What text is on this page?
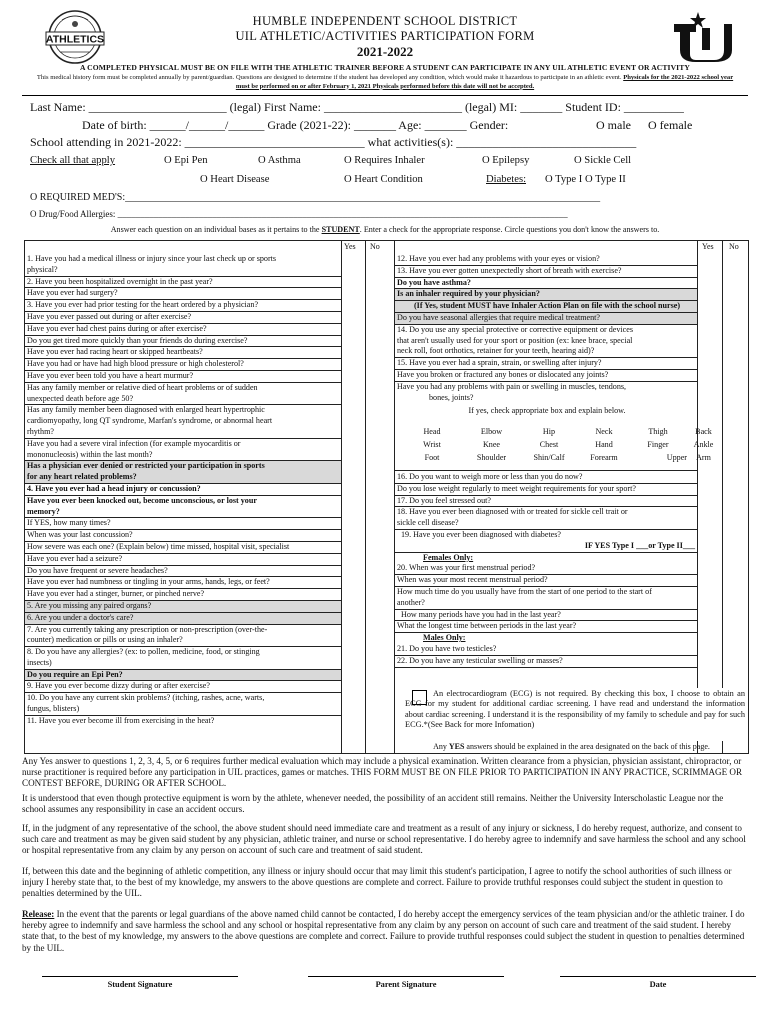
ATHLETICS
HUMBLE INDEPENDENT SCHOOL DISTRICT
UIL ATHLETIC/ACTIVITIES PARTICIPATION FORM
2021-2022
A COMPLETED PHYSICAL MUST BE ON FILE WITH THE ATHLETIC TRAINER BEFORE A STUDENT CAN PARTICIPATE IN ANY UIL ATHLETIC EVENT OR ACTIVITY
This medical history form must be completed annually by parent/guardian. Questions are designed to determine if the student has developed any condition, which would make it hazardous to participate in an athletic event. Physicals for the 2021-2022 school year must be performed on or after February 1, 2021 Physicals performed before this date will not be accepted.
Last Name: _______________________ (legal) First Name: _______________________ (legal) MI: _______ Student ID: __________
Date of birth: ______/______/______ Grade (2021-22): _______ Age: _______ Gender:	O male O female
School attending in 2021-2022: ______________________________ what activities(s): ______________________________
Check all that apply	O Epi Pen	O Asthma	O Requires Inhaler	O Epilepsy	O Sickle Cell
O Heart Disease	O Heart Condition	Diabetes: O Type I O Type II
O REQUIRED MED'S:_______________________________________________________________________________________________
O Drug/Food Allergies: ____________________________________________________________________________________________________
Answer each question on an individual bases as it pertains to the STUDENT. Enter a check for the appropriate response. Circle questions you don't know the answers to.
Yes No	Yes No
1. Have you had a medical illness or injury since your last check up or sports
physical?
2. Have you been hospitalized overnight in the past year?
Have you ever had surgery?
3. Have you ever had prior testing for the heart ordered by a physician?
Have you ever passed out during or after exercise?
Have you ever had chest pains during or after exercise?
Do you get tired more quickly than your friends do during exercise?
Have you ever had racing heart or skipped heartbeats?
Have you had or have had high blood pressure or high cholesterol?
Have you ever been told you have a heart murmur?
Has any family member or relative died of heart problems or of sudden
unexpected death before age 50?
Has any family member been diagnosed with enlarged heart hypertrophic
cardiomyopathy, long QT syndrome, Marfan's syndrome, or abnormal heart
rhythm?
Have you had a severe viral infection (for example myocarditis or
mononucleosis) within the last month?
Has a physician ever denied or restricted your participation in sports
for any heart related problems?
4. Have you ever had a head injury or concussion?
Have you ever been knocked out, become unconscious, or lost your
memory?
If YES, how many times?
When was your last concussion?
How severe was each one? (Explain below) time missed, hospital visit, specialist
Have you ever had a seizure?
Do you have frequent or severe headaches?
Have you ever had numbness or tingling in your arms, hands, legs, or feet?
Have you ever had a stinger, burner, or pinched nerve?
5. Are you missing any paired organs?
6. Are you under a doctor's care?
7. Are you currently taking any prescription or non-prescription (over-the-
counter) medication or pills or using an inhaler?
8. Do you have any allergies? (ex: to pollen, medicine, food, or stinging
insects)
Do you require an Epi Pen?
9. Have you ever become dizzy during or after exercise?
10. Do you have any current skin problems? (itching, rashes, acne, warts,
fungus, blisters)
11. Have you ever become ill from exercising in the heat?
12. Have you ever had any problems with your eyes or vision?
13. Have you ever gotten unexpectedly short of breath with exercise?
Do you have asthma?
Is an inhaler required by your physician?
(If Yes, student MUST have Inhaler Action Plan on file with the school nurse)
Do you have seasonal allergies that require medical treatment?
14. Do you use any special protective or corrective equipment or devices
that aren't usually used for your sport or position (ex: knee brace, special
neck roll, foot orthotics, retainer for your teeth, hearing aid)?
15. Have you ever had a sprain, strain, or swelling after injury?
Have you broken or fractured any bones or dislocated any joints?
Have you had any problems with pain or swelling in muscles, tendons,
bones, joints?
If yes, check appropriate box and explain below.
Head	Elbow	Hip	Neck	Thigh	Back
Wrist	Knee	Chest	Hand	Finger	Ankle
Foot	Shoulder	Shin/Calf	Forearm	Upper	Arm
16. Do you want to weigh more or less than you do now?
Do you lose weight regularly to meet weight requirements for your sport?
17. Do you feel stressed out?
18. Have you ever been diagnosed with or treated for sickle cell trait or
sickle cell disease?
19. Have you ever been diagnosed with diabetes?
IF YES Type I ___or Type II___
Females Only:
20. When was your first menstrual period?
When was your most recent menstrual period?
How much time do you usually have from the start of one period to the start of
another?
How many periods have you had in the last year?
What the longest time between periods in the last year?
Males Only:
21. Do you have two testicles?
22. Do you have any testicular swelling or masses?
An electrocardiogram (ECG) is not required. By checking this box, I choose to obtain an ECG for my student for additional cardiac screening. I have read and understand the information about cardiac screening. I understand it is the responsibility of my family to schedule and pay for such ECG.*(See Back for more Infomation)
Any YES answers should be explained in the area designated on the back of this page.
Any Yes answer to questions 1, 2, 3, 4, 5, or 6 requires further medical evaluation which may include a physical examination. Written clearance from a physician, physician assistant, chiropractor, or nurse practitioner is required before any participation in UIL practices, games or matches. THIS FORM MUST BE ON FILE PRIOR TO PARTICIPATION IN ANY PRACTICE, SCRIMMAGE OR CONTEST BEFORE, DURING OR AFTER SCHOOL.
It is understood that even though protective equipment is worn by the athlete, whenever needed, the possibility of an accident still remains. Neither the University Interscholastic League nor the school assumes any responsibility in case an accident occurs.
If, in the judgment of any representative of the school, the above student should need immediate care and treatment as a result of any injury or sickness, I do hereby request, authorize, and consent to such care and treatment as may be given said student by any physician, athletic trainer, and nurse or school representative. I do hereby agree to indemnify and save harmless the school and any school or hospital representative from any claim by any person on account of such care and treatment of said student.
If, between this date and the beginning of athletic competition, any illness or injury should occur that may limit this student's participation, I agree to notify the school authorities of such illness or injury I hereby state that, to the best of my knowledge, my answers to the above questions are complete and correct. Failure to provide truthful responses could subject the student in question to penalties determined by the UIL.
Release: In the event that the parents or legal guardians of the above named child cannot be contacted, I do hereby accept the emergency services of the team physician and/or the athletic trainer. I do hereby agree to indemnify and save harmless the school and any school or hospital representative from any claim by any person on account of such care and treatment of the said student. I hereby state that, to the best of my knowledge, my answers to the above questions are complete and correct. Failure to provide truthful responses could subject the student in question to penalties determined by the UIL.
Student Signature	Parent Signature	Date
